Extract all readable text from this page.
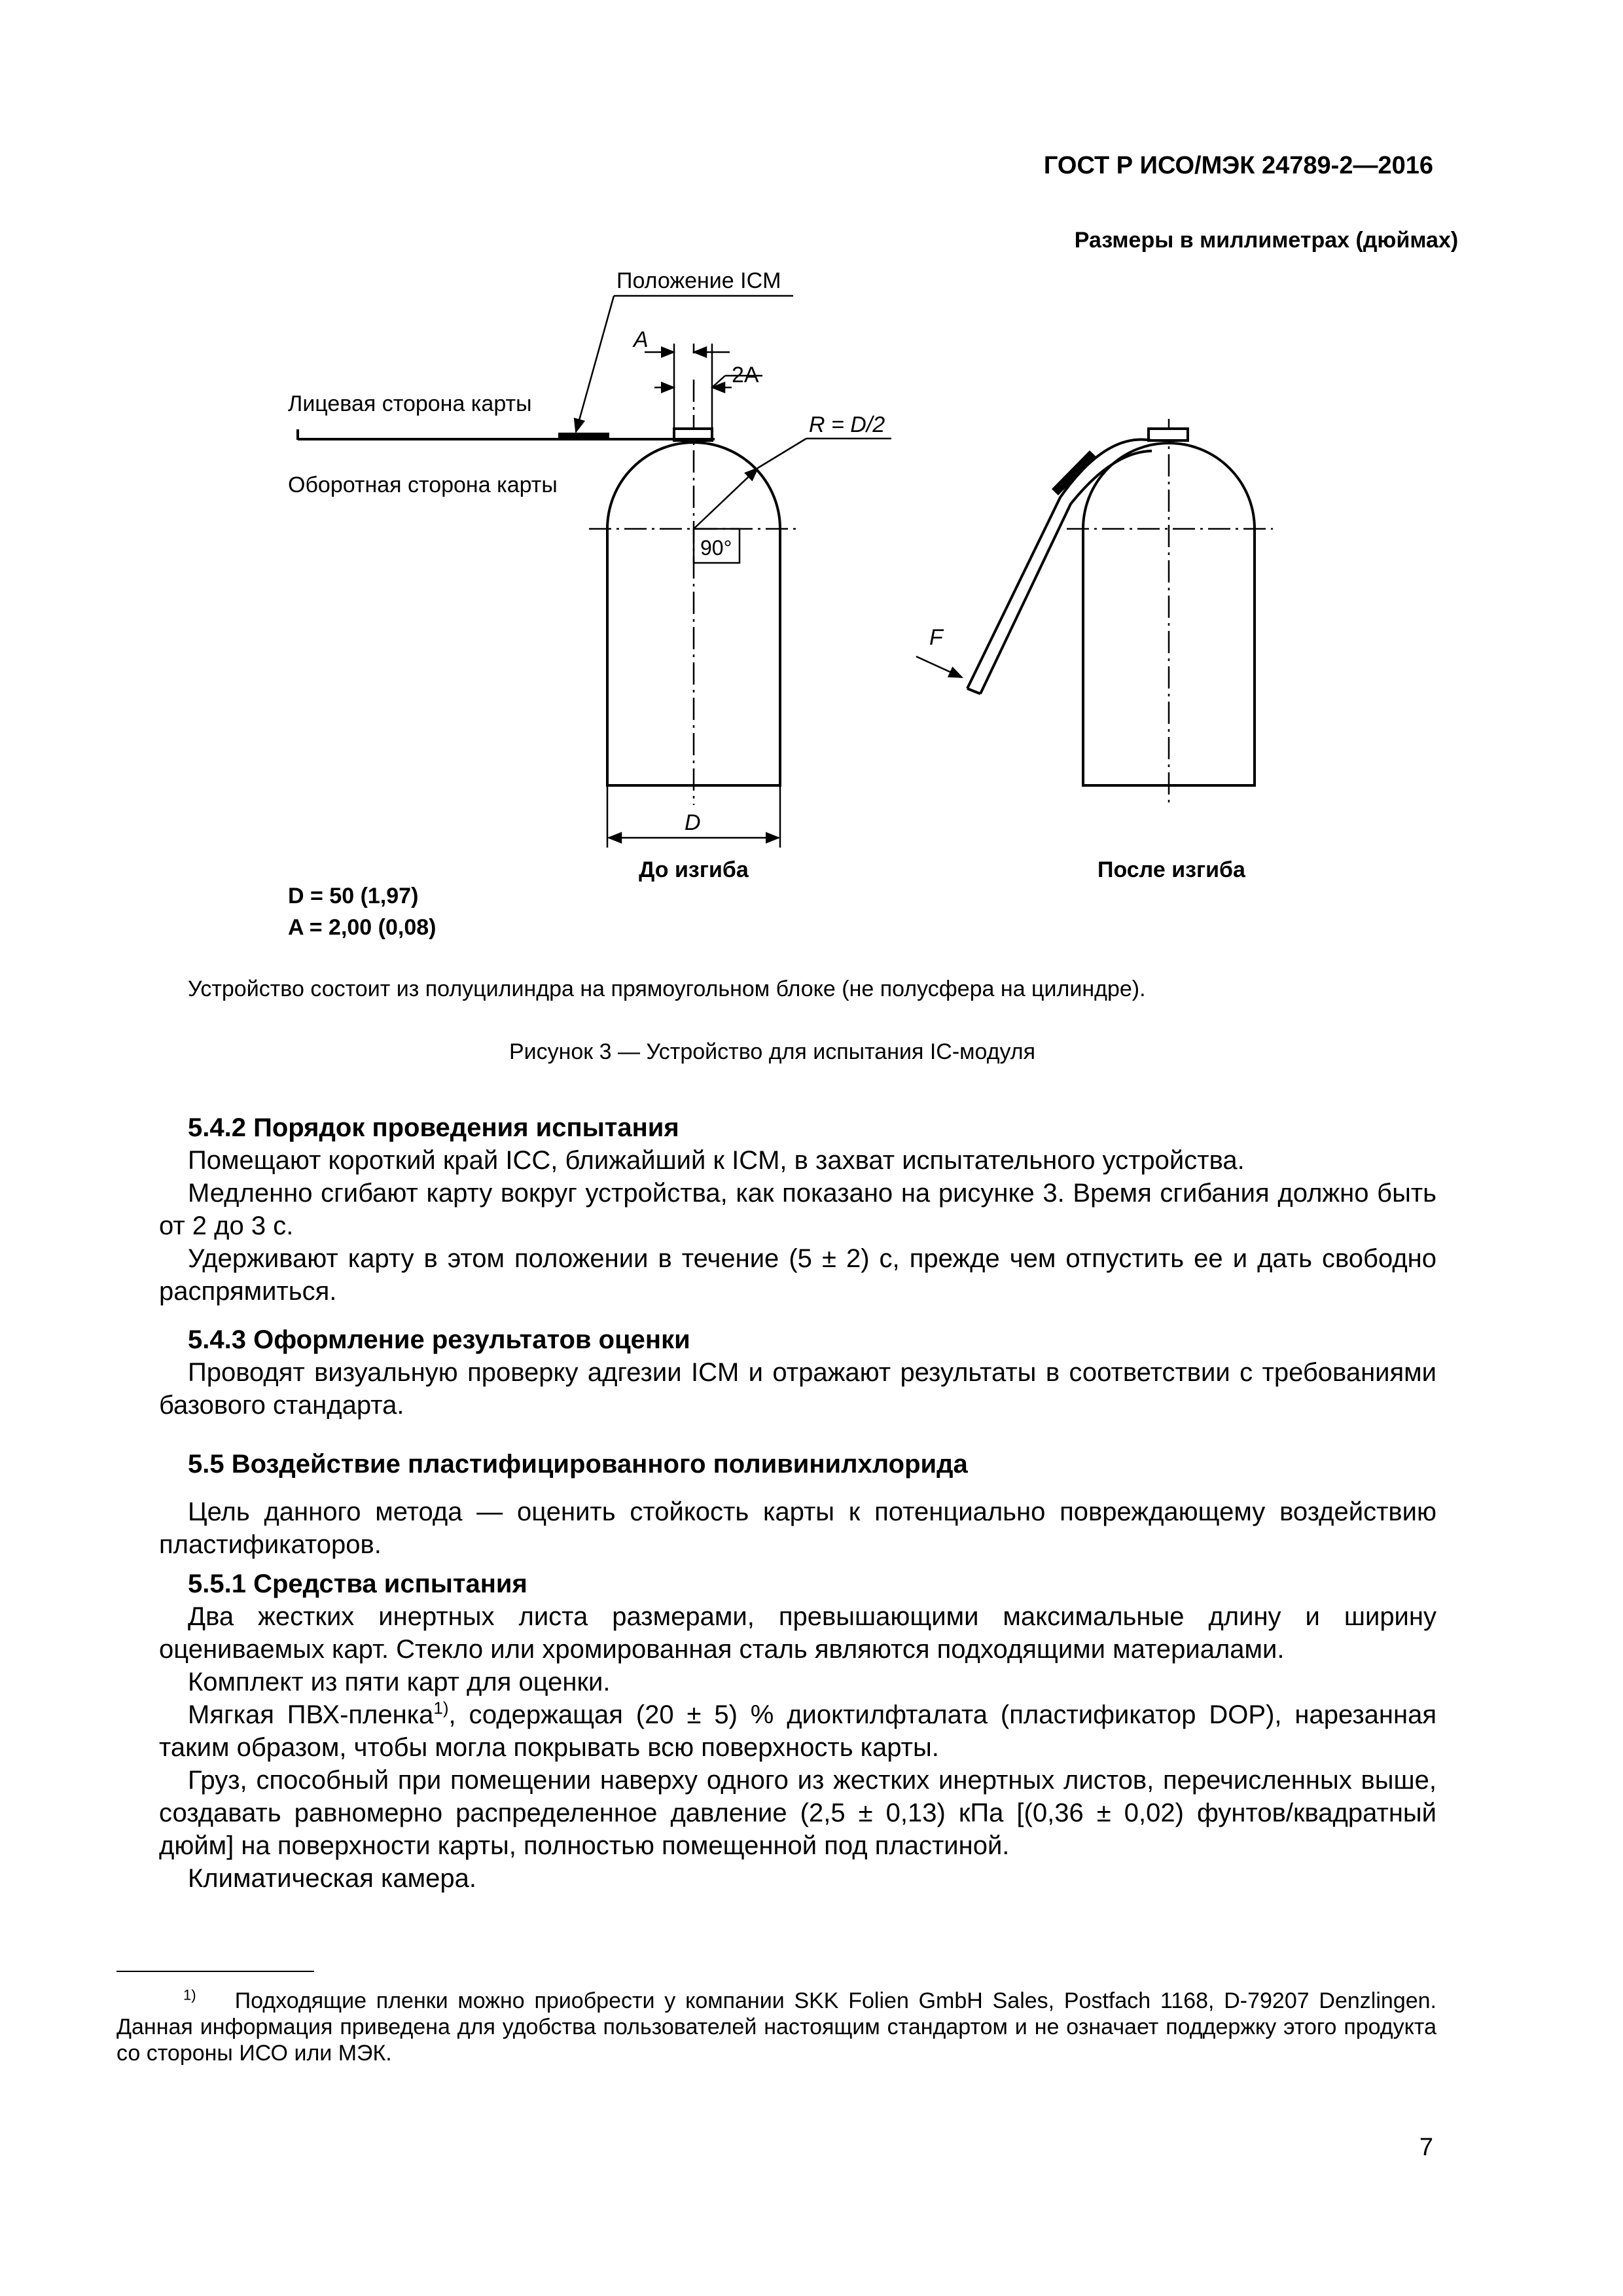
ГОСТ Р ИСО/МЭК 24789-2—2016
Размеры в миллиметрах (дюймах)
Положение ICM
A
2A
Лицевая сторона карты
Оборотная сторона карты
R = D/2
90°
D
До изгиба
F
После изгиба
D = 50 (1,97)
A = 2,00 (0,08)
Устройство состоит из полуцилиндра на прямоугольном блоке (не полусфера на цилиндре).
Рисунок 3 — Устройство для испытания IC-модуля

5.4.2 Порядок проведения испытания

Помещают короткий край ICC, ближайший к ICM, в захват испытательного устройства.

Медленно сгибают карту вокруг устройства, как показано на рисунке 3. Время сгибания должно быть от 2 до 3 с.

Удерживают карту в этом положении в течение (5 ± 2) с, прежде чем отпустить ее и дать свободно распрямиться.

5.4.3 Оформление результатов оценки

Проводят визуальную проверку адгезии ICM и отражают результаты в соответствии с требованиями базового стандарта.

5.5 Воздействие пластифицированного поливинилхлорида

Цель данного метода — оценить стойкость карты к потенциально повреждающему воздействию пластификаторов.

5.5.1 Средства испытания

Два жестких инертных листа размерами, превышающими максимальные длину и ширину оцениваемых карт. Стекло или хромированная сталь являются подходящими материалами.

Комплект из пяти карт для оценки.

Мягкая ПВХ-пленка$^{1)}$, содержащая (20 ± 5) % диоктилфталата (пластификатор DOP), нарезанная таким образом, чтобы могла покрывать всю поверхность карты.

Груз, способный при помещении наверху одного из жестких инертных листов, перечисленных выше, создавать равномерно распределенное давление (2,5 ± 0,13) кПа [(0,36 ± 0,02) фунтов/квадратный дюйм] на поверхности карты, полностью помещенной под пластиной.

Климатическая камера.

$^{1)}$ Подходящие пленки можно приобрести у компании SKK Folien GmbH Sales, Postfach 1168, D-79207 Denzlingen. Данная информация приведена для удобства пользователей настоящим стандартом и не означает поддержку этого продукта со стороны ИСО или МЭК.

7
